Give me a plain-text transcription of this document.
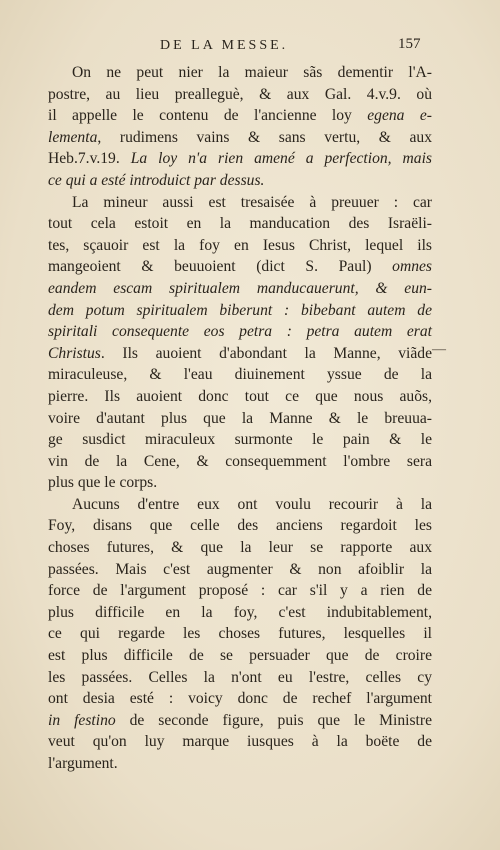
DE LA MESSE.	157
On ne peut nier la maieur sãs dementir l'A-
postre, au lieu prealleguè, & aux Gal. 4.v.9. où
il appelle le contenu de l'ancienne loy egena e-
lementa, rudimens vains & sans vertu, & aux
Heb.7.v.19. La loy n'a rien amené a perfection, mais
ce qui a esté introduict par dessus.
La mineur aussi est tresaisée à preuuer : car
tout cela estoit en la manducation des Israëli-
tes, sçauoir est la foy en Iesus Christ, lequel ils
mangeoient & beuuoient (dict S. Paul) omnes
eandem escam spiritualem manducauerunt, & eun-
dem potum spiritualem biberunt : bibebant autem de
spiritali consequente eos petra : petra autem erat
Christus. Ils auoient d'abondant la Manne, viãde
miraculeuse, & l'eau diuinement yssue de la
pierre. Ils auoient donc tout ce que nous auõs,
voire d'autant plus que la Manne & le breuua-
ge susdict miraculeux surmonte le pain & le
vin de la Cene, & consequemment l'ombre sera
plus que le corps.
Aucuns d'entre eux ont voulu recourir à la
Foy, disans que celle des anciens regardoit les
choses futures, & que la leur se rapporte aux
passées. Mais c'est augmenter & non afoiblir la
force de l'argument proposé : car s'il y a rien de
plus difficile en la foy, c'est indubitablement,
ce qui regarde les choses futures, lesquelles il
est plus difficile de se persuader que de croire
les passées. Celles la n'ont eu l'estre, celles cy
ont desia esté : voicy donc de rechef l'argument
in festino de seconde figure, puis que le Ministre
veut qu'on luy marque iusques à la boëte de
l'argument.
—
